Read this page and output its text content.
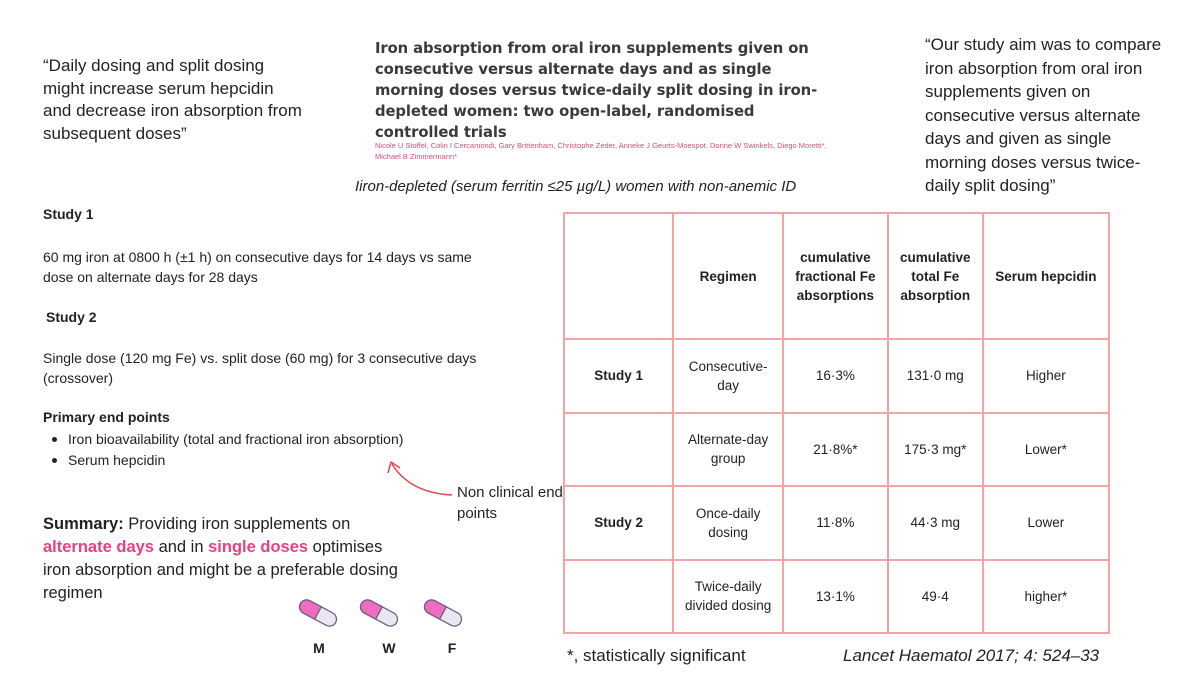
“Daily dosing and split dosing might increase serum hepcidin and decrease iron absorption from subsequent doses”
Iron absorption from oral iron supplements given on consecutive versus alternate days and as single morning doses versus twice-daily split dosing in iron-depleted women: two open-label, randomised controlled trials
Nicole U Stoffel, Colin I Cercamondi, Gary Brittenham, Christophe Zeder, Anneke J Geurts-Moespot, Dorine W Swinkels, Diego Moretti*, Michael B Zimmermann*
Iiron-depleted (serum ferritin ≤25 µg/L) women with non-anemic ID
“Our study aim was to compare iron absorption from oral iron supplements given on consecutive versus alternate days and given as single morning doses versus twice-daily split dosing”
Study 1
60 mg iron at 0800 h (±1 h) on consecutive days for 14 days vs same dose on alternate days for 28 days
Study 2
Single dose (120 mg Fe) vs. split dose (60 mg) for 3 consecutive days (crossover)
Primary end points
Iron bioavailability (total and fractional iron absorption)
Serum hepcidin
Non clinical end points
Summary: Providing iron supplements on alternate days and in single doses optimises iron absorption and might be a preferable dosing regimen
M	W	F
	Regimen	cumulative fractional Fe absorptions	cumulative total Fe absorption	Serum hepcidin
Study 1	Consecutive-day	16·3%	131·0 mg	Higher
	Alternate-day group	21·8%*	175·3 mg*	Lower*
Study 2	Once-daily dosing	11·8%	44·3 mg	Lower
	Twice-daily divided dosing	13·1%	49·4	higher*
*, statistically significant	Lancet Haematol 2017; 4: 524–33
